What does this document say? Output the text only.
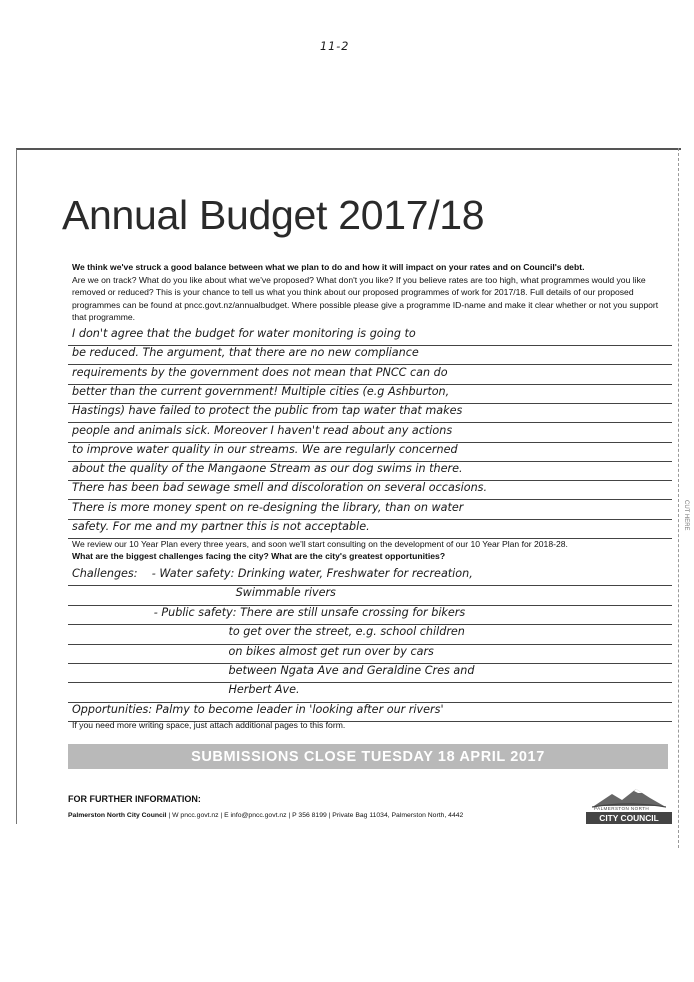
11-2
CUT HERE
Annual Budget 2017/18
We think we've struck a good balance between what we plan to do and how it will impact on your rates and on Council's debt.
Are we on track? What do you like about what we've proposed? What don't you like? If you believe rates are too high, what programmes would you like removed or reduced? This is your chance to tell us what you think about our proposed programmes of work for 2017/18. Full details of our proposed programmes can be found at pncc.govt.nz/annualbudget. Where possible please give a programme ID-name and make it clear whether or not you support that programme.
I don't agree that the budget for water monitoring is going to
be reduced. The argument, that there are no new compliance
requirements by the government does not mean that PNCC can do
better than the current government! Multiple cities (e.g Ashburton,
Hastings) have failed to protect the public from tap water that makes
people and animals sick. Moreover I haven't read about any actions
to improve water quality in our streams. We are regularly concerned
about the quality of the Mangaone Stream as our dog swims in there.
There has been bad sewage smell and discoloration on several occasions.
There is more money spent on re-designing the library, than on water
safety. For me and my partner this is not acceptable.
We review our 10 Year Plan every three years, and soon we'll start consulting on the development of our 10 Year Plan for 2018-28.
What are the biggest challenges facing the city? What are the city's greatest opportunities?
Challenges:    - Water safety: Drinking water, Freshwater for recreation,
Swimmable rivers
- Public safety: There are still unsafe crossing for bikers
to get over the street, e.g. school children
on bikes almost get run over by cars
between Ngata Ave and Geraldine Cres and
Herbert Ave.
Opportunities: Palmy to become leader in 'looking after our rivers'
If you need more writing space, just attach additional pages to this form.
SUBMISSIONS CLOSE TUESDAY 18 APRIL 2017
FOR FURTHER INFORMATION:
Palmerston North City Council | W pncc.govt.nz | E info@pncc.govt.nz | P 356 8199 | Private Bag 11034, Palmerston North, 4442
PALMERSTON NORTH
CITY COUNCIL
